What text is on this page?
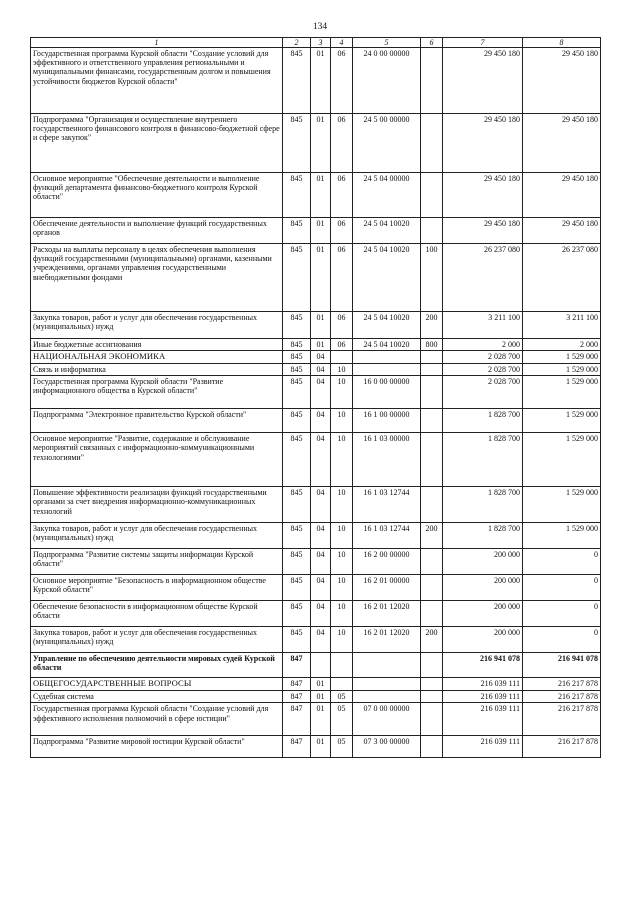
134
1	2	3	4	5	6	7	8
Государственная программа Курской области "Создание условий для эффективного и ответственного управления региональными и муниципальными финансами, государственным долгом и повышения устойчивости бюджетов Курской области"	845	01	06	24 0 00 00000		29 450 180	29 450 180
Подпрограмма "Организация и осуществление внутреннего государственного финансового контроля в финансово-бюджетной сфере и сфере закупок"	845	01	06	24 5 00 00000		29 450 180	29 450 180
Основное мероприятие "Обеспечение деятельности и выполнение функций департамента финансово-бюджетного контроля Курской области"	845	01	06	24 5 04 00000		29 450 180	29 450 180
Обеспечение деятельности и выполнение функций государственных органов	845	01	06	24 5 04 10020		29 450 180	29 450 180
Расходы на выплаты персоналу в целях обеспечения выполнения функций государственными (муниципальными) органами, казенными учреждениями, органами управления государственными внебюджетными фондами	845	01	06	24 5 04 10020	100	26 237 080	26 237 080
Закупка товаров, работ и услуг для обеспечения государственных (муниципальных) нужд	845	01	06	24 5 04 10020	200	3 211 100	3 211 100
Иные бюджетные ассигнования	845	01	06	24 5 04 10020	800	2 000	2 000
НАЦИОНАЛЬНАЯ ЭКОНОМИКА	845	04				2 028 700	1 529 000
Связь и информатика	845	04	10			2 028 700	1 529 000
Государственная программа Курской области "Развитие информационного общества в Курской области"	845	04	10	16 0 00 00000		2 028 700	1 529 000
Подпрограмма "Электронное правительство Курской области"	845	04	10	16 1 00 00000		1 828 700	1 529 000
Основное мероприятие "Развитие, содержание и обслуживание мероприятий связанных с информационно-коммуникационными технологиями"	845	04	10	16 1 03 00000		1 828 700	1 529 000
Повышение эффективности реализации функций государственными органами за счет внедрения информационно-коммуникационных технологий	845	04	10	16 1 03 12744		1 828 700	1 529 000
Закупка товаров, работ и услуг для обеспечения государственных (муниципальных) нужд	845	04	10	16 1 03 12744	200	1 828 700	1 529 000
Подпрограмма "Развитие системы защиты информации Курской области"	845	04	10	16 2 00 00000		200 000	0
Основное мероприятие "Безопасность в информационном обществе Курской области"	845	04	10	16 2 01 00000		200 000	0
Обеспечение безопасности в информационном обществе Курской области	845	04	10	16 2 01 12020		200 000	0
Закупка товаров, работ и услуг для обеспечения государственных (муниципальных) нужд	845	04	10	16 2 01 12020	200	200 000	0
Управление по обеспечению деятельности мировых судей Курской области	847					216 941 078	216 941 078
ОБЩЕГОСУДАРСТВЕННЫЕ ВОПРОСЫ	847	01				216 039 111	216 217 878
Судебная система	847	01	05			216 039 111	216 217 878
Государственная программа Курской области "Создание условий для эффективного исполнения полномочий в сфере юстиции"	847	01	05	07 0 00 00000		216 039 111	216 217 878
Подпрограмма "Развитие мировой юстиции Курской области"	847	01	05	07 3 00 00000		216 039 111	216 217 878
